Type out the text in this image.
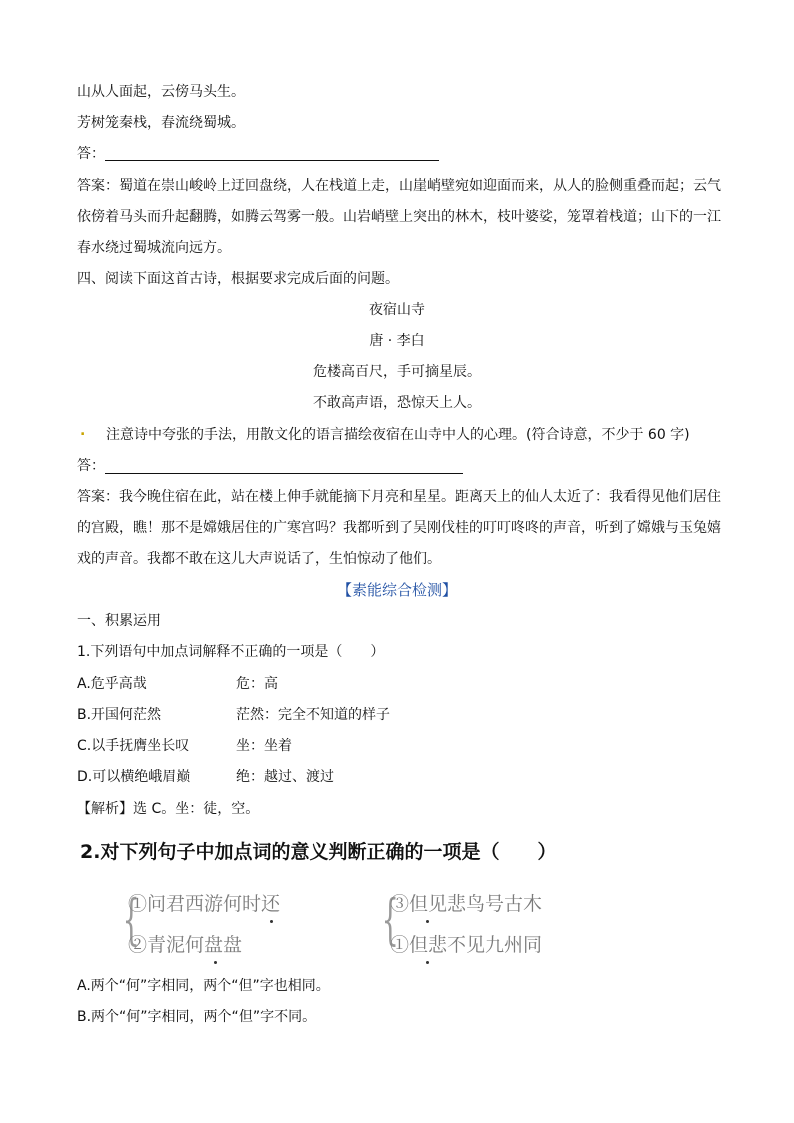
山从人面起，云傍马头生。
芳树笼秦栈，春流绕蜀城。
答：
答案：蜀道在崇山峻岭上迂回盘绕，人在栈道上走，山崖峭壁宛如迎面而来，从人的脸侧重叠而起；云气
依傍着马头而升起翻腾，如腾云驾雾一般。山岩峭壁上突出的林木，枝叶婆娑，笼罩着栈道；山下的一江
春水绕过蜀城流向远方。
四、阅读下面这首古诗，根据要求完成后面的问题。
夜宿山寺
唐 · 李白
危楼高百尺，手可摘星辰。
不敢高声语，恐惊天上人。
. 注意诗中夸张的手法，用散文化的语言描绘夜宿在山寺中人的心理。(符合诗意，不少于 60 字)
答：
答案：我今晚住宿在此，站在楼上伸手就能摘下月亮和星星。距离天上的仙人太近了：我看得见他们居住
的宫殿，瞧！那不是嫦娥居住的广寒宫吗？我都听到了吴刚伐桂的叮叮咚咚的声音，听到了嫦娥与玉兔嬉
戏的声音。我都不敢在这儿大声说话了，生怕惊动了他们。
【素能综合检测】
一、积累运用
1.下列语句中加点词解释不正确的一项是（　　）
A.危乎高哉	危：高
B.开国何茫然	茫然：完全不知道的样子
C.以手抚膺坐长叹	坐：坐着
D.可以横绝峨眉巅	绝：越过、渡过
【解析】选 C。坐：徒，空。
2.对下列句子中加点词的意义判断正确的一项是（　　）
{
①问君西游何时还
②青泥何盘盘	{
③但见悲鸟号古木
①但悲不见九州同
A.两个“何”字相同，两个“但”字也相同。
B.两个“何”字相同，两个“但”字不同。
